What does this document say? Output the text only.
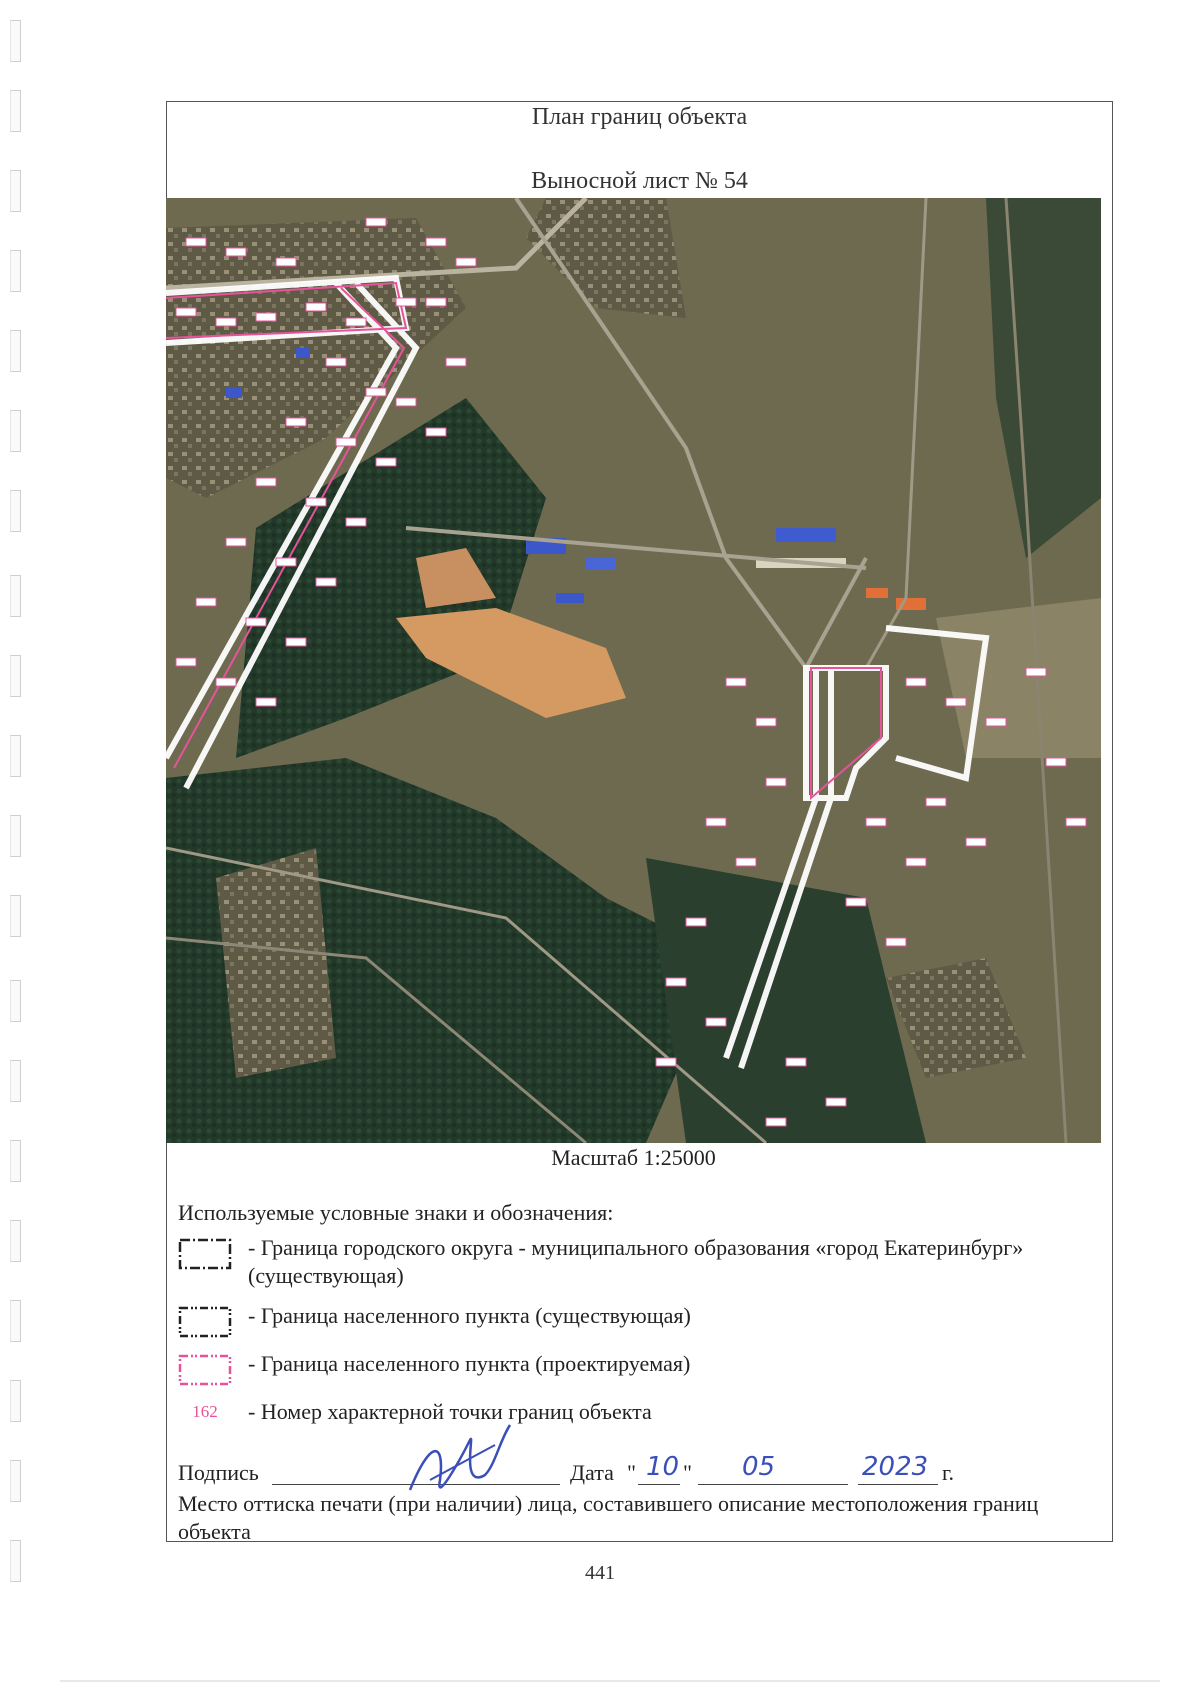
План границ объекта
Выносной лист № 54
Масштаб 1:25000
Используемые условные знаки и обозначения:
- Граница городского округа - муниципального образования «город Екатеринбург» (существующая)
- Граница населенного пункта (существующая)
- Граница населенного пункта (проектируемая)
162	- Номер характерной точки границ объекта
Подпись	Дата " 10 " 05	2023 г.
Место оттиска печати (при наличии) лица, составившего описание местоположения границ объекта
441
